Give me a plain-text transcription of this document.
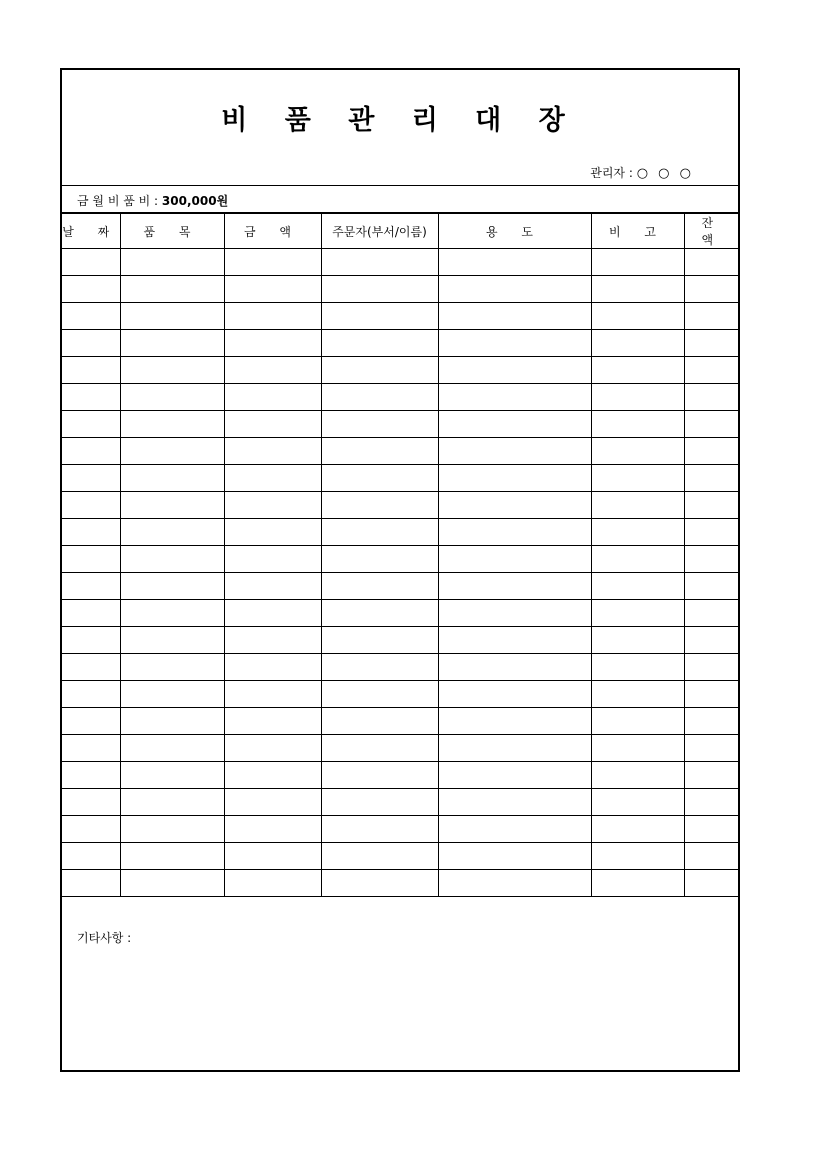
비 품 관 리 대 장
관리자 : ○ ○ ○
금 월 비 품 비 : 300,000원
날 짜	품 목	금 액	주문자(부서/이름)	용 도	비 고	잔 액

기타사항 :
